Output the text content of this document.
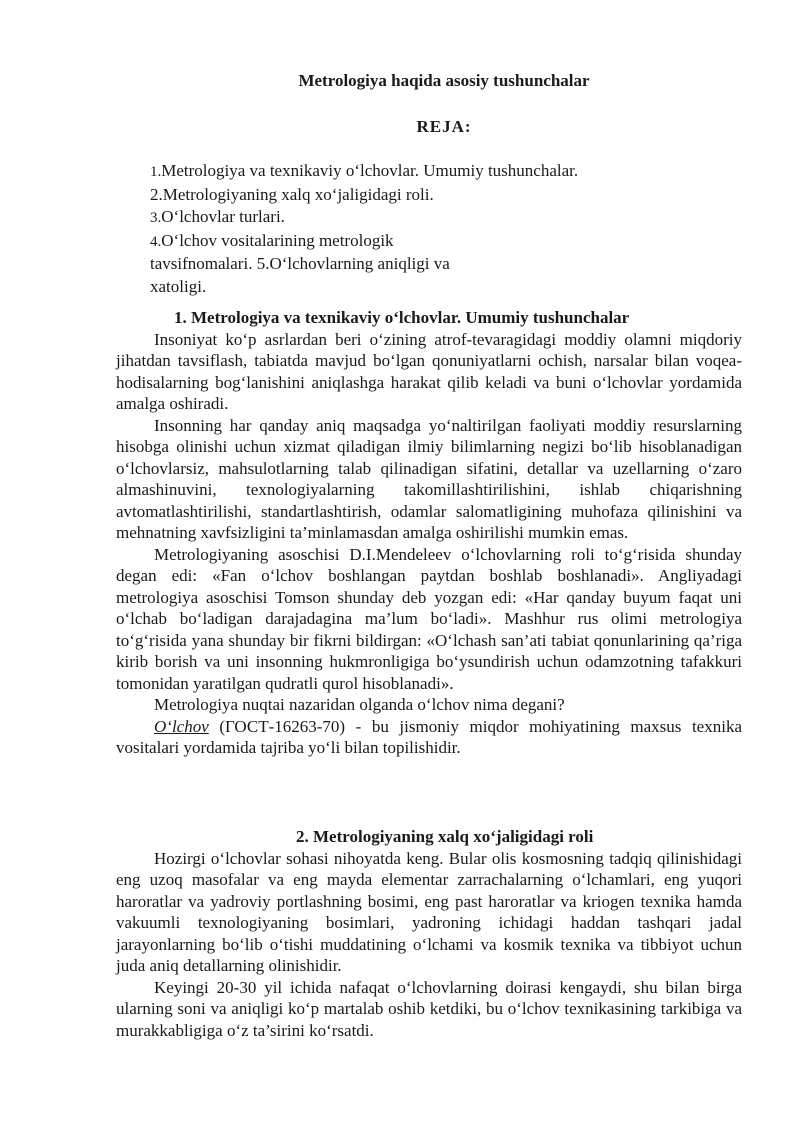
Metrologiya haqida asosiy tushunchalar
REJA:
1.Metrologiya va texnikaviy o‘lchovlar. Umumiy tushunchalar.
2.Metrologiyaning xalq xo‘jaligidagi roli.
3.O‘lchovlar turlari.
4.O‘lchov vositalarining metrologik
tavsifnomalari. 5.O‘lchovlarning aniqligi va
xatoligi.
1. Metrologiya va texnikaviy o‘lchovlar. Umumiy tushunchalar

Insoniyat ko‘p asrlardan beri o‘zining atrof-tevaragidagi moddiy olamni miqdoriy jihatdan tavsiflash, tabiatda mavjud bo‘lgan qonuniyatlarni ochish, narsalar bilan voqea-hodisalarning bog‘lanishini aniqlashga harakat qilib keladi va buni o‘lchovlar yordamida amalga oshiradi.

Insonning har qanday aniq maqsadga yo‘naltirilgan faoliyati moddiy resurslarning hisobga olinishi uchun xizmat qiladigan ilmiy bilimlarning negizi bo‘lib hisoblanadigan o‘lchovlarsiz, mahsulotlarning talab qilinadigan sifatini, detallar va uzellarning o‘zaro almashinuvini, texnologiyalarning takomillashtirilishini, ishlab chiqarishning avtomatlashtirilishi, standartlashtirish, odamlar salomatligining muhofaza qilinishini va mehnatning xavfsizligini ta’minlamasdan amalga oshirilishi mumkin emas.

Metrologiyaning asoschisi D.I.Mendeleev o‘lchovlarning roli to‘g‘risida shunday degan edi: «Fan o‘lchov boshlangan paytdan boshlab boshlanadi». Angliyadagi metrologiya asoschisi Tomson shunday deb yozgan edi: «Har qanday buyum faqat uni o‘lchab bo‘ladigan darajadagina ma’lum bo‘ladi». Mashhur rus olimi metrologiya to‘g‘risida yana shunday bir fikrni bildirgan: «O‘lchash san’ati tabiat qonunlarining qa’riga kirib borish va uni insonning hukmronligiga bo‘ysundirish uchun odamzotning tafakkuri tomonidan yaratilgan qudratli qurol hisoblanadi».

Metrologiya nuqtai nazaridan olganda o‘lchov nima degani?

O‘lchov (ГОСТ-16263-70) - bu jismoniy miqdor mohiyatining maxsus texnika vositalari yordamida tajriba yo‘li bilan topilishidir.

2. Metrologiyaning xalq xo‘jaligidagi roli

Hozirgi o‘lchovlar sohasi nihoyatda keng. Bular olis kosmosning tadqiq qilinishidagi eng uzoq masofalar va eng mayda elementar zarrachalarning o‘lchamlari, eng yuqori haroratlar va yadroviy portlashning bosimi, eng past haroratlar va kriogen texnika hamda vakuumli texnologiyaning bosimlari, yadroning ichidagi haddan tashqari jadal jarayonlarning bo‘lib o‘tishi muddatining o‘lchami va kosmik texnika va tibbiyot uchun juda aniq detallarning olinishidir.

Keyingi 20-30 yil ichida nafaqat o‘lchovlarning doirasi kengaydi, shu bilan birga ularning soni va aniqligi ko‘p martalab oshib ketdiki, bu o‘lchov texnikasining tarkibiga va murakkabligiga o‘z ta’sirini ko‘rsatdi.
